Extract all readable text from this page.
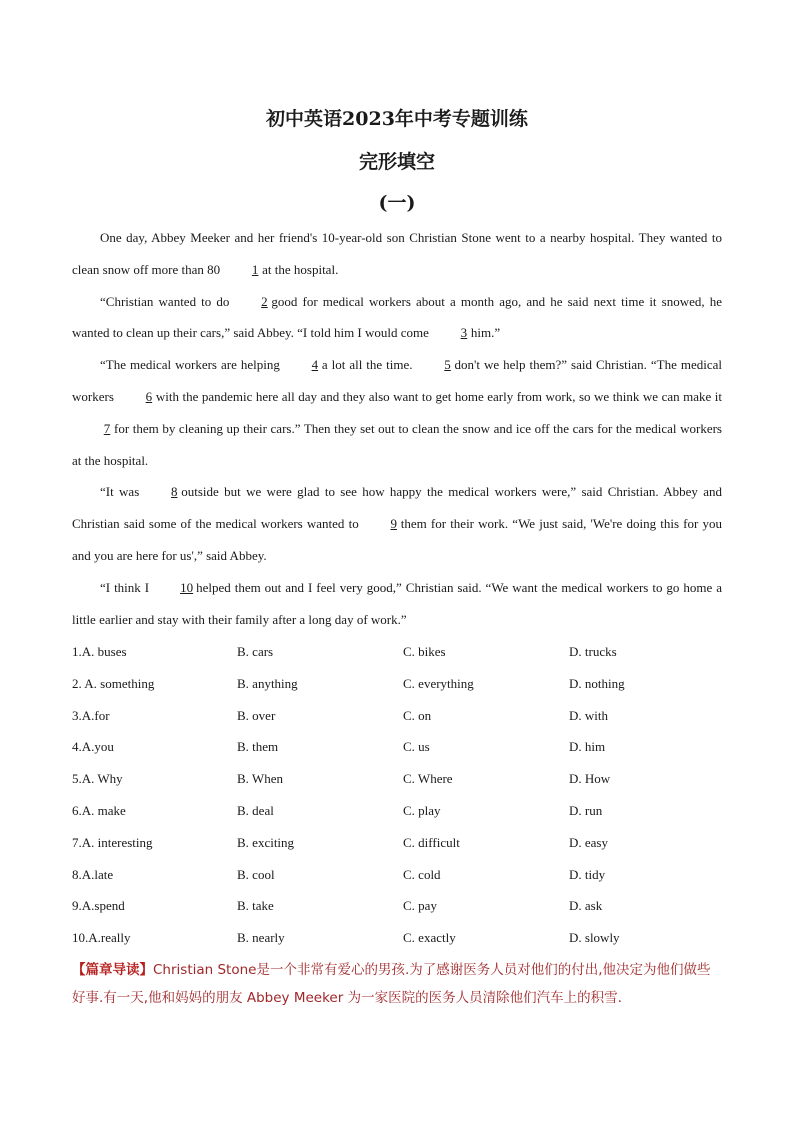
初中英语2023年中考专题训练
完形填空
(一)

One day, Abbey Meeker and her friend's 10-year-old son Christian Stone went to a nearby hospital. They wanted to clean snow off more than 80 1 at the hospital.

“Christian wanted to do 2 good for medical workers about a month ago, and he said next time it snowed, he wanted to clean up their cars,” said Abbey. “I told him I would come 3 him.”

“The medical workers are helping 4 a lot all the time. 5 don't we help them?” said Christian. “The medical workers 6 with the pandemic here all day and they also want to get home early from work, so we think we can make it7 for them by cleaning up their cars.” Then they set out to clean the snow and ice off the cars for the medical workers at the hospital.

“It was 8 outside but we were glad to see how happy the medical workers were,” said Christian. Abbey and Christian said some of the medical workers wanted to 9 them for their work. “We just said, 'We're doing this for you and you are here for us',” said Abbey.

“I think I 10 helped them out and I feel very good,” Christian said. “We want the medical workers to go home a little earlier and stay with their family after a long day of work.”

1.A. buses	B. cars	C. bikes	D. trucks
2. A. something	B. anything	C. everything	D. nothing
3.A.for	B. over	C. on	D. with
4.A.you	B. them	C. us	D. him
5.A. Why	B. When	C. Where	D. How
6.A. make	B. deal	C. play	D. run
7.A. interesting	B. exciting	C. difficult	D. easy
8.A.late	B. cool	C. cold	D. tidy
9.A.spend	B. take	C. pay	D. ask
10.A.really	B. nearly	C. exactly	D. slowly
【篇章导读】Christian Stone是一个非常有爱心的男孩.为了感谢医务人员对他们的付出,他决定为他们做些好事.有一天,他和妈妈的朋友 Abbey Meeker 为一家医院的医务人员清除他们汽车上的积雪.
